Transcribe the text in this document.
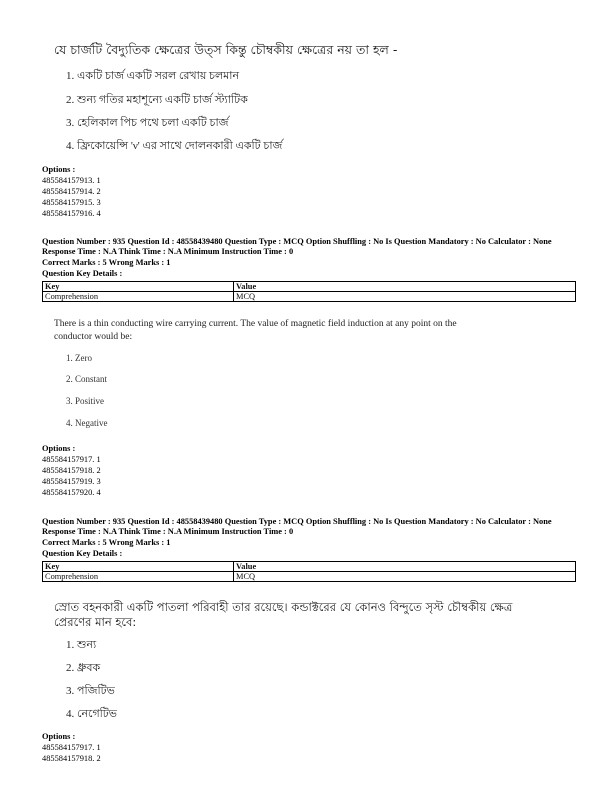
যে চার্জটি বৈদ্যুতিক ক্ষেত্রের উত্স কিন্তু চৌম্বকীয় ক্ষেত্রের নয় তা হল -
1. একটি চার্জ একটি সরল রেখায় চলমান
2. শুন্য গতির মহাশূন্যে একটি চার্জ স্ট্যাটিক
3. হেলিকাল পিচ পথে চলা একটি চার্জ
4. ফ্রিকোয়েন্সি 'ν' এর সাথে দোলনকারী একটি চার্জ
Options :
485584157913. 1
485584157914. 2
485584157915. 3
485584157916. 4
Question Number : 935 Question Id : 48558439480 Question Type : MCQ Option Shuffling : No Is Question Mandatory : No Calculator : None
Response Time : N.A Think Time : N.A Minimum Instruction Time : 0
Correct Marks : 5 Wrong Marks : 1
Question Key Details :
Key	Value
Comprehension	MCQ
There is a thin conducting wire carrying current. The value of magnetic field induction at any point on the
conductor would be:
1. Zero
2. Constant
3. Positive
4. Negative
Options :
485584157917. 1
485584157918. 2
485584157919. 3
485584157920. 4
Question Number : 935 Question Id : 48558439480 Question Type : MCQ Option Shuffling : No Is Question Mandatory : No Calculator : None
Response Time : N.A Think Time : N.A Minimum Instruction Time : 0
Correct Marks : 5 Wrong Marks : 1
Question Key Details :
Key	Value
Comprehension	MCQ
স্রোত বহনকারী একটি পাতলা পরিবাহী তার রয়েছে। কন্ডাক্টরের যে কোনও বিন্দুতে সৃস্ট চৌম্বকীয় ক্ষেত্র
প্রেরণের মান হবে:
1. শুন্য
2. ধ্রুবক
3. পজিটিভ
4. নেগেটিভ
Options :
485584157917. 1
485584157918. 2
